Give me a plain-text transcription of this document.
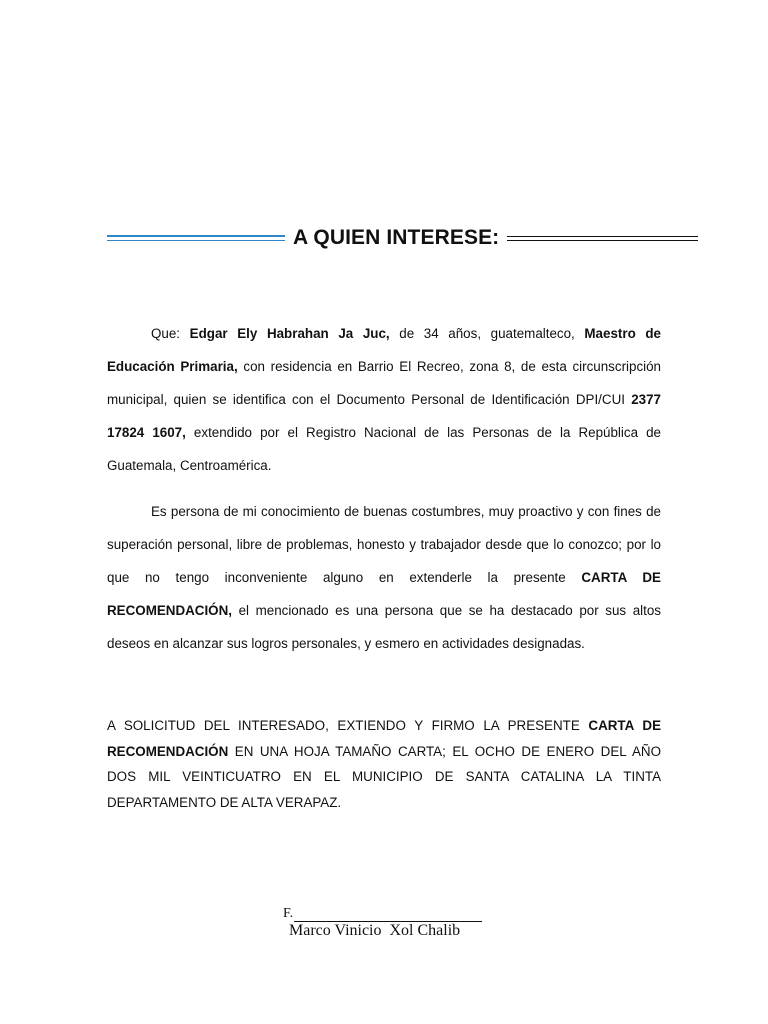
A QUIEN INTERESE:

Que: Edgar Ely Habrahan Ja Juc, de 34 años, guatemalteco, Maestro de Educación Primaria, con residencia en Barrio El Recreo, zona 8, de esta circunscripción municipal, quien se identifica con el Documento Personal de Identificación DPI/CUI 2377 17824 1607, extendido por el Registro Nacional de las Personas de la República de Guatemala, Centroamérica.

Es persona de mi conocimiento de buenas costumbres, muy proactivo y con fines de superación personal, libre de problemas, honesto y trabajador desde que lo conozco; por lo que no tengo inconveniente alguno en extenderle la presente CARTA DE RECOMENDACIÓN, el mencionado es una persona que se ha destacado por sus altos deseos en alcanzar sus logros personales, y esmero en actividades designadas.

A SOLICITUD DEL INTERESADO, EXTIENDO Y FIRMO LA PRESENTE CARTA DE RECOMENDACIÓN EN UNA HOJA TAMAÑO CARTA; EL OCHO DE ENERO DEL AÑO DOS MIL VEINTICUATRO EN EL MUNICIPIO DE SANTA CATALINA LA TINTA DEPARTAMENTO DE ALTA VERAPAZ.

F.
Marco Vinicio  Xol Chalib
